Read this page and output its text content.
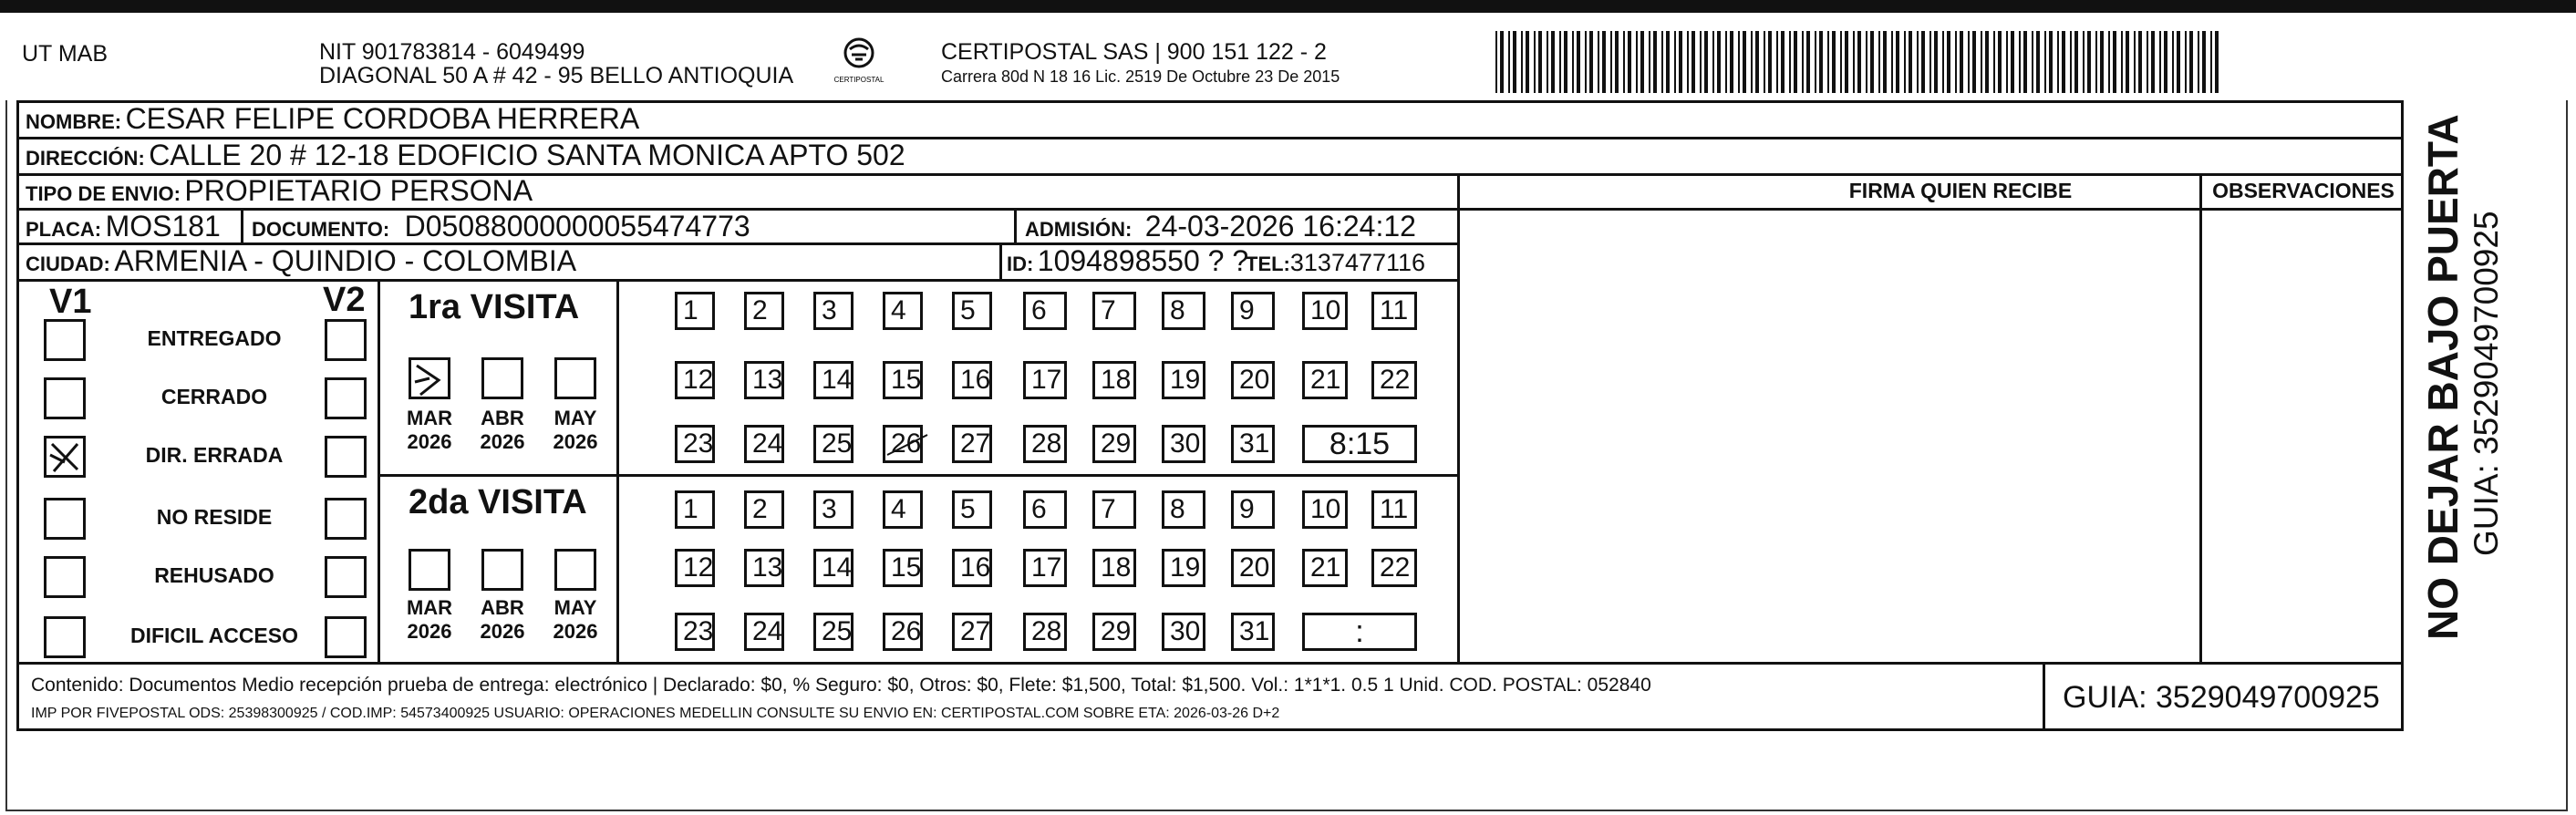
UT MAB	NIT 901783814 - 6049499
DIAGONAL 50 A # 42 - 95 BELLO ANTIOQUIA	CERTIPOSTAL
CERTIPOSTAL SAS | 900 151 122 - 2
Carrera 80d N 18 16 Lic. 2519 De Octubre 23 De 2015
NOMBRE: CESAR FELIPE CORDOBA HERRERA
DIRECCIÓN: CALLE 20 # 12-18 EDOFICIO SANTA MONICA APTO 502
TIPO DE ENVIO: PROPIETARIO PERSONA	FIRMA QUIEN RECIBE	OBSERVACIONES
PLACA: MOS181 DOCUMENTO: D05088000000055474773	ADMISIÓN: 24-03-2026 16:24:12
CIUDAD: ARMENIA - QUINDIO - COLOMBIA	ID: 1094898550 ? ?
TEL:3137477116
V1	V2
ENTREGADO
CERRADO
DIR. ERRADA
NO RESIDE
REHUSADO
DIFICIL ACCESO
1ra VISITA
2da VISITA
MAR
2026
ABR
2026
MAY
2026
1 2 3 4 5 6 7 8 9 10 11
12 13 14 15 16 17 18 19 20 21 22
23 24 25 26 27 28 29 30 31	8:15
MAR
2026
ABR
2026
MAY
2026
1 2 3 4 5 6 7 8 9 10 11
12 13 14 15 16 17 18 19 20 21 22
23 24 25 26 27 28 29 30 31	:
Contenido: Documentos Medio recepción prueba de entrega: electrónico | Declarado: $0, % Seguro: $0, Otros: $0, Flete: $1,500, Total: $1,500. Vol.: 1*1*1. 0.5 1 Unid. COD. POSTAL: 052840
IMP POR FIVEPOSTAL ODS: 25398300925 / COD.IMP: 54573400925 USUARIO: OPERACIONES MEDELLIN CONSULTE SU ENVIO EN: CERTIPOSTAL.COM SOBRE ETA: 2026-03-26 D+2	GUIA: 3529049700925
NO DEJAR BAJO PUERTA GUIA: 3529049700925
